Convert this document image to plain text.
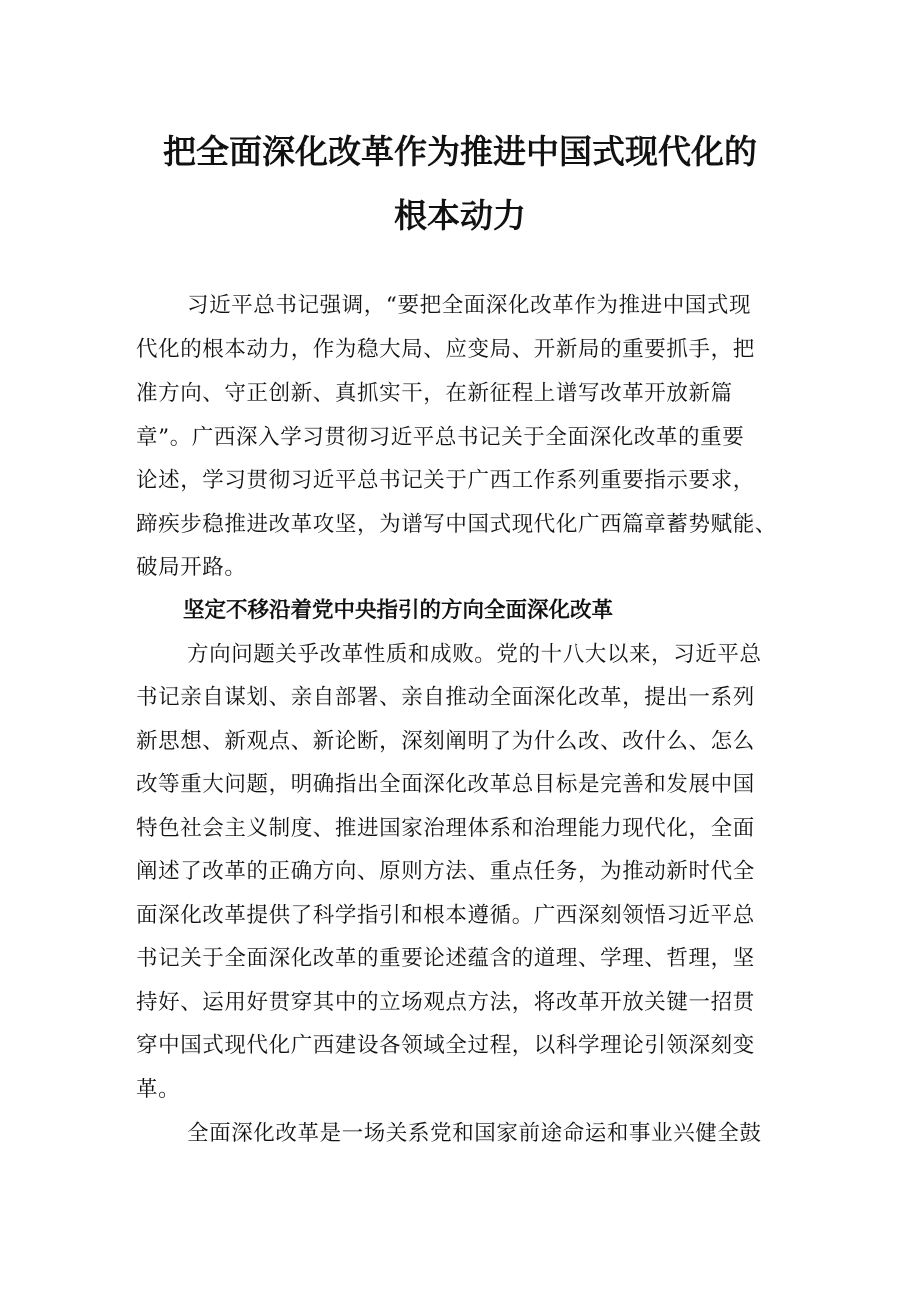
把全面深化改革作为推进中国式现代化的
根本动力

习近平总书记强调，“要把全面深化改革作为推进中国式现

代化的根本动力，作为稳大局、应变局、开新局的重要抓手，把

准方向、守正创新、真抓实干，在新征程上谱写改革开放新篇

章”。广西深入学习贯彻习近平总书记关于全面深化改革的重要

论述，学习贯彻习近平总书记关于广西工作系列重要指示要求，

蹄疾步稳推进改革攻坚，为谱写中国式现代化广西篇章蓄势赋能、

破局开路。

坚定不移沿着党中央指引的方向全面深化改革

方向问题关乎改革性质和成败。党的十八大以来，习近平总

书记亲自谋划、亲自部署、亲自推动全面深化改革，提出一系列

新思想、新观点、新论断，深刻阐明了为什么改、改什么、怎么

改等重大问题，明确指出全面深化改革总目标是完善和发展中国

特色社会主义制度、推进国家治理体系和治理能力现代化，全面

阐述了改革的正确方向、原则方法、重点任务，为推动新时代全

面深化改革提供了科学指引和根本遵循。广西深刻领悟习近平总

书记关于全面深化改革的重要论述蕴含的道理、学理、哲理，坚

持好、运用好贯穿其中的立场观点方法，将改革开放关键一招贯

穿中国式现代化广西建设各领域全过程，以科学理论引领深刻变

革。

全面深化改革是一场关系党和国家前途命运和事业兴健全鼓
